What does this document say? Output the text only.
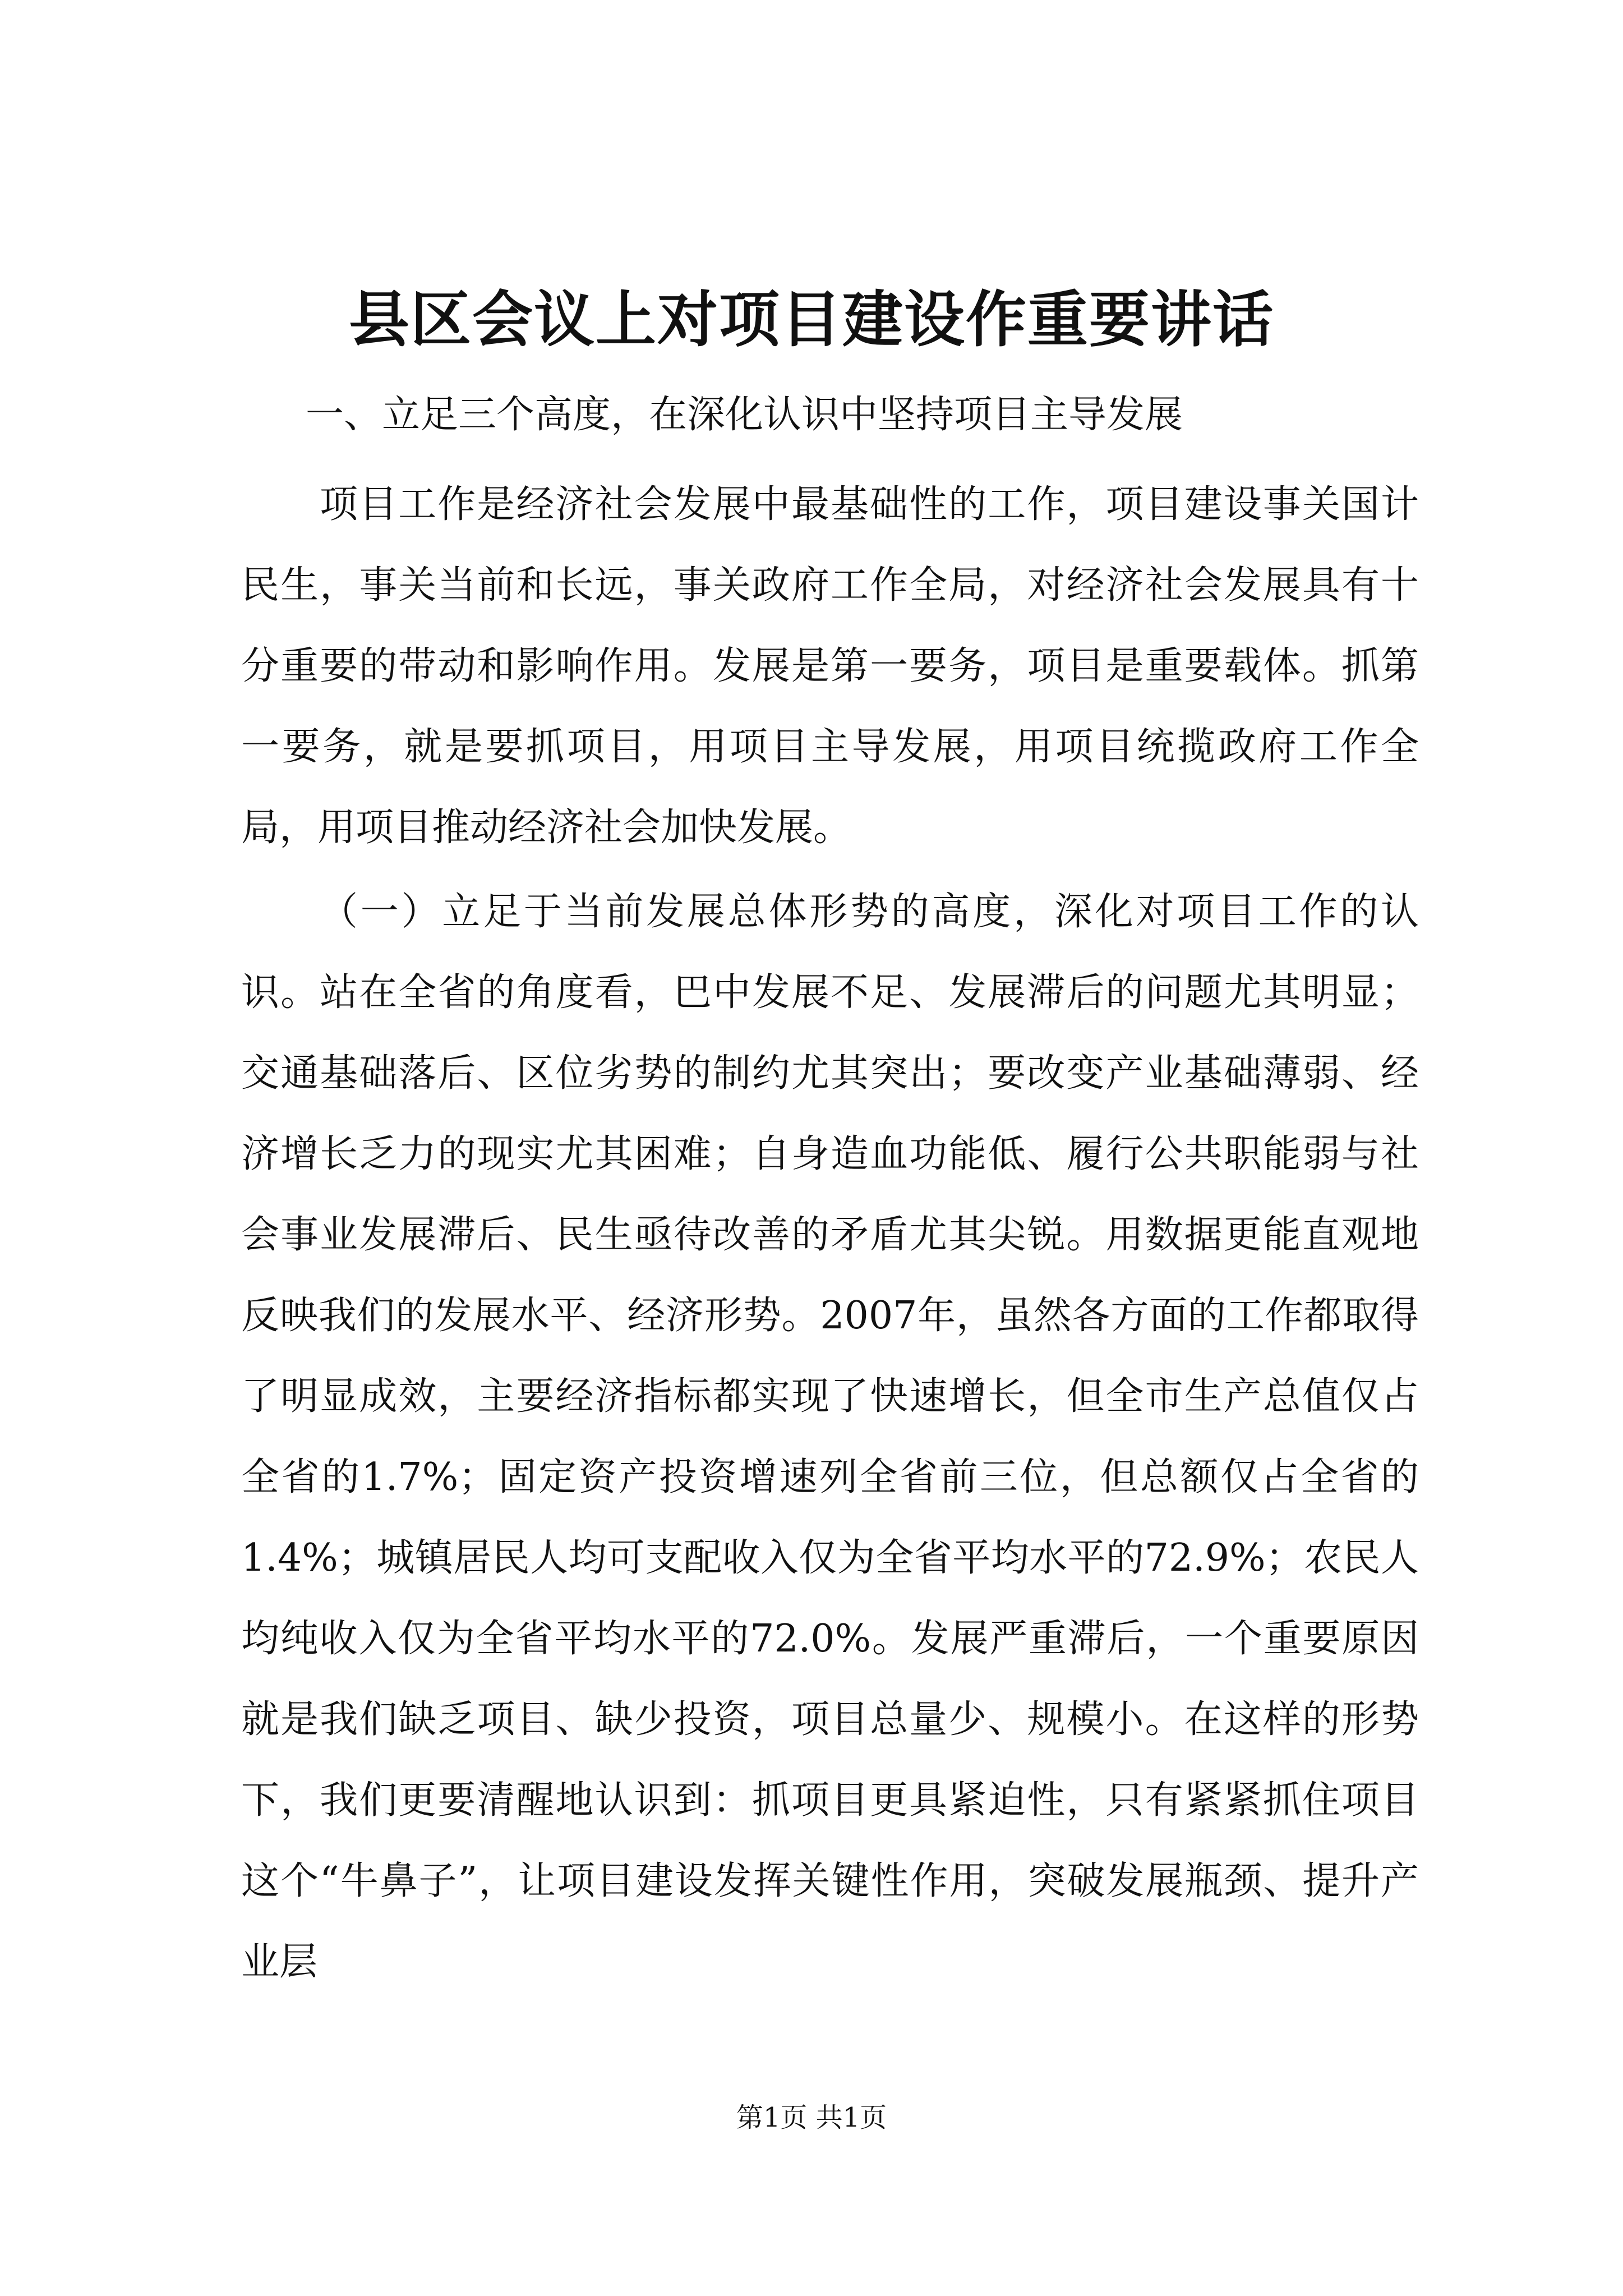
县区会议上对项目建设作重要讲话

一、立足三个高度，在深化认识中坚持项目主导发展

项目工作是经济社会发展中最基础性的工作，项目建设事关国计民生，事关当前和长远，事关政府工作全局，对经济社会发展具有十分重要的带动和影响作用。发展是第一要务，项目是重要载体。抓第一要务，就是要抓项目，用项目主导发展，用项目统揽政府工作全局，用项目推动经济社会加快发展。

（一）立足于当前发展总体形势的高度，深化对项目工作的认识。站在全省的角度看，巴中发展不足、发展滞后的问题尤其明显；交通基础落后、区位劣势的制约尤其突出；要改变产业基础薄弱、经济增长乏力的现实尤其困难；自身造血功能低、履行公共职能弱与社会事业发展滞后、民生亟待改善的矛盾尤其尖锐。用数据更能直观地反映我们的发展水平、经济形势。2007年，虽然各方面的工作都取得了明显成效，主要经济指标都实现了快速增长，但全市生产总值仅占全省的1.7%；固定资产投资增速列全省前三位，但总额仅占全省的1.4%；城镇居民人均可支配收入仅为全省平均水平的72.9%；农民人均纯收入仅为全省平均水平的72.0%。发展严重滞后，一个重要原因就是我们缺乏项目、缺少投资，项目总量少、规模小。在这样的形势下，我们更要清醒地认识到：抓项目更具紧迫性，只有紧紧抓住项目这个“牛鼻子”，让项目建设发挥关键性作用，突破发展瓶颈、提升产业层

第1页 共1页
